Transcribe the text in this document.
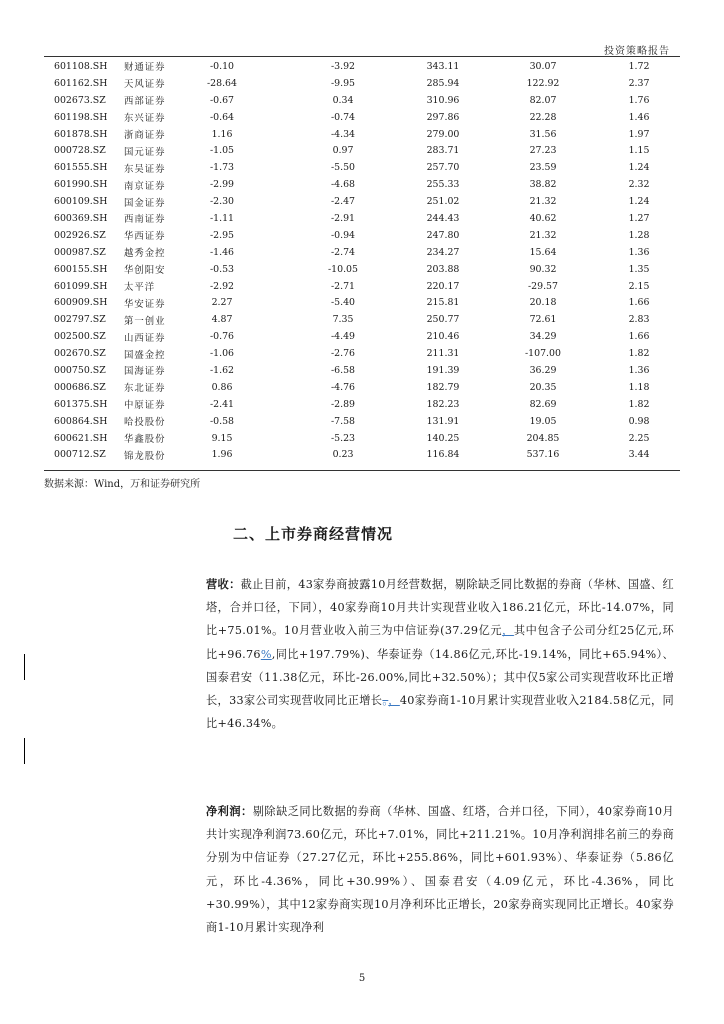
投资策略报告
601108.SH	财通证券	-0.10	-3.92	343.11	30.07	1.72
601162.SH	天风证券	-28.64	-9.95	285.94	122.92	2.37
002673.SZ	西部证券	-0.67	0.34	310.96	82.07	1.76
601198.SH	东兴证券	-0.64	-0.74	297.86	22.28	1.46
601878.SH	浙商证券	1.16	-4.34	279.00	31.56	1.97
000728.SZ	国元证券	-1.05	0.97	283.71	27.23	1.15
601555.SH	东吴证券	-1.73	-5.50	257.70	23.59	1.24
601990.SH	南京证券	-2.99	-4.68	255.33	38.82	2.32
600109.SH	国金证券	-2.30	-2.47	251.02	21.32	1.24
600369.SH	西南证券	-1.11	-2.91	244.43	40.62	1.27
002926.SZ	华西证券	-2.95	-0.94	247.80	21.32	1.28
000987.SZ	越秀金控	-1.46	-2.74	234.27	15.64	1.36
600155.SH	华创阳安	-0.53	-10.05	203.88	90.32	1.35
601099.SH	太平洋	-2.92	-2.71	220.17	-29.57	2.15
600909.SH	华安证券	2.27	-5.40	215.81	20.18	1.66
002797.SZ	第一创业	4.87	7.35	250.77	72.61	2.83
002500.SZ	山西证券	-0.76	-4.49	210.46	34.29	1.66
002670.SZ	国盛金控	-1.06	-2.76	211.31	-107.00	1.82
000750.SZ	国海证券	-1.62	-6.58	191.39	36.29	1.36
000686.SZ	东北证券	0.86	-4.76	182.79	20.35	1.18
601375.SH	中原证券	-2.41	-2.89	182.23	82.69	1.82
600864.SH	哈投股份	-0.58	-7.58	131.91	19.05	0.98
600621.SH	华鑫股份	9.15	-5.23	140.25	204.85	2.25
000712.SZ	锦龙股份	1.96	0.23	116.84	537.16	3.44
数据来源：Wind，万和证券研究所
二、上市券商经营情况
营收：截止目前，43家券商披露10月经营数据，剔除缺乏同比数据的券商（华林、国盛、红塔，合并口径，下同），40家券商10月共计实现营业收入186.21亿元，环比-14.07%，同比+75.01%。10月营业收入前三为中信证券(37.29亿元，其中包含子公司分红25亿元,环比+96.76%,同比+197.79%)、华泰证券（14.86亿元,环比-19.14%，同比+65.94%）、国泰君安（11.38亿元，环比-26.00%,同比+32.50%）；其中仅5家公司实现营收环比正增长，33家公司实现营收同比正增长。，40家券商1-10月累计实现营业收入2184.58亿元，同比+46.34%。
净利润：剔除缺乏同比数据的券商（华林、国盛、红塔，合并口径，下同），40家券商10月共计实现净利润73.60亿元，环比+7.01%，同比+211.21%。10月净利润排名前三的券商分别为中信证券（27.27亿元，环比+255.86%，同比+601.93%）、华泰证券（5.86亿元，环比-4.36%，同比+30.99%）、国泰君安（4.09亿元，环比-4.36%，同比+30.99%），其中12家券商实现10月净利环比正增长，20家券商实现同比正增长。40家券商1-10月累计实现净利
5
